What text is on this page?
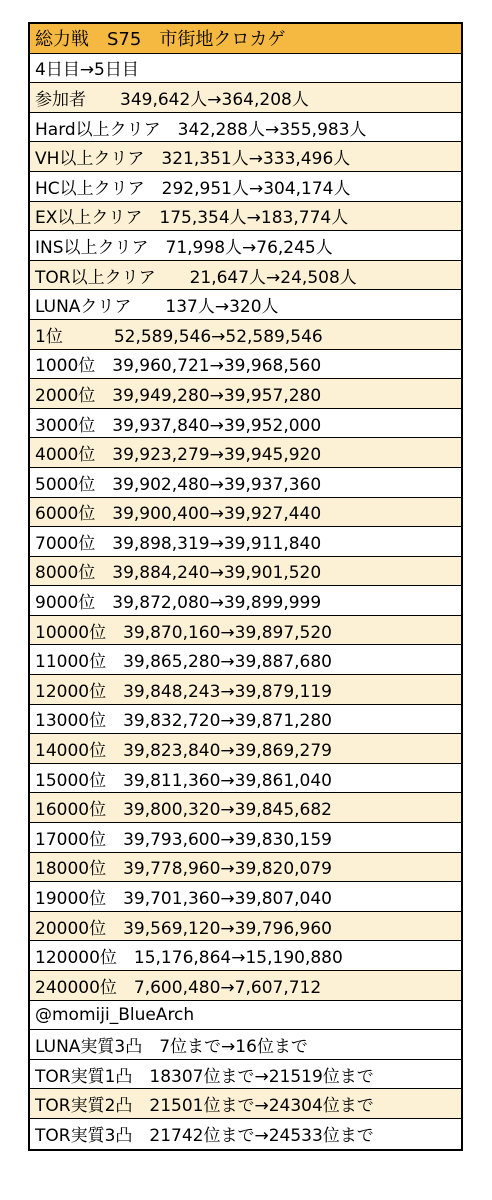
総力戦　S75　市街地クロカゲ
4日目→5日目
参加者　　349,642人→364,208人
Hard以上クリア　342,288人→355,983人
VH以上クリア　321,351人→333,496人
HC以上クリア　292,951人→304,174人
EX以上クリア　175,354人→183,774人
INS以上クリア　71,998人→76,245人
TOR以上クリア　　21,647人→24,508人
LUNAクリア　　137人→320人
1位　　　52,589,546→52,589,546
1000位　39,960,721→39,968,560
2000位　39,949,280→39,957,280
3000位　39,937,840→39,952,000
4000位　39,923,279→39,945,920
5000位　39,902,480→39,937,360
6000位　39,900,400→39,927,440
7000位　39,898,319→39,911,840
8000位　39,884,240→39,901,520
9000位　39,872,080→39,899,999
10000位　39,870,160→39,897,520
11000位　39,865,280→39,887,680
12000位　39,848,243→39,879,119
13000位　39,832,720→39,871,280
14000位　39,823,840→39,869,279
15000位　39,811,360→39,861,040
16000位　39,800,320→39,845,682
17000位　39,793,600→39,830,159
18000位　39,778,960→39,820,079
19000位　39,701,360→39,807,040
20000位　39,569,120→39,796,960
120000位　15,176,864→15,190,880
240000位　7,600,480→7,607,712
@momiji_BlueArch
LUNA実質3凸　7位まで→16位まで
TOR実質1凸　18307位まで→21519位まで
TOR実質2凸　21501位まで→24304位まで
TOR実質3凸　21742位まで→24533位まで
